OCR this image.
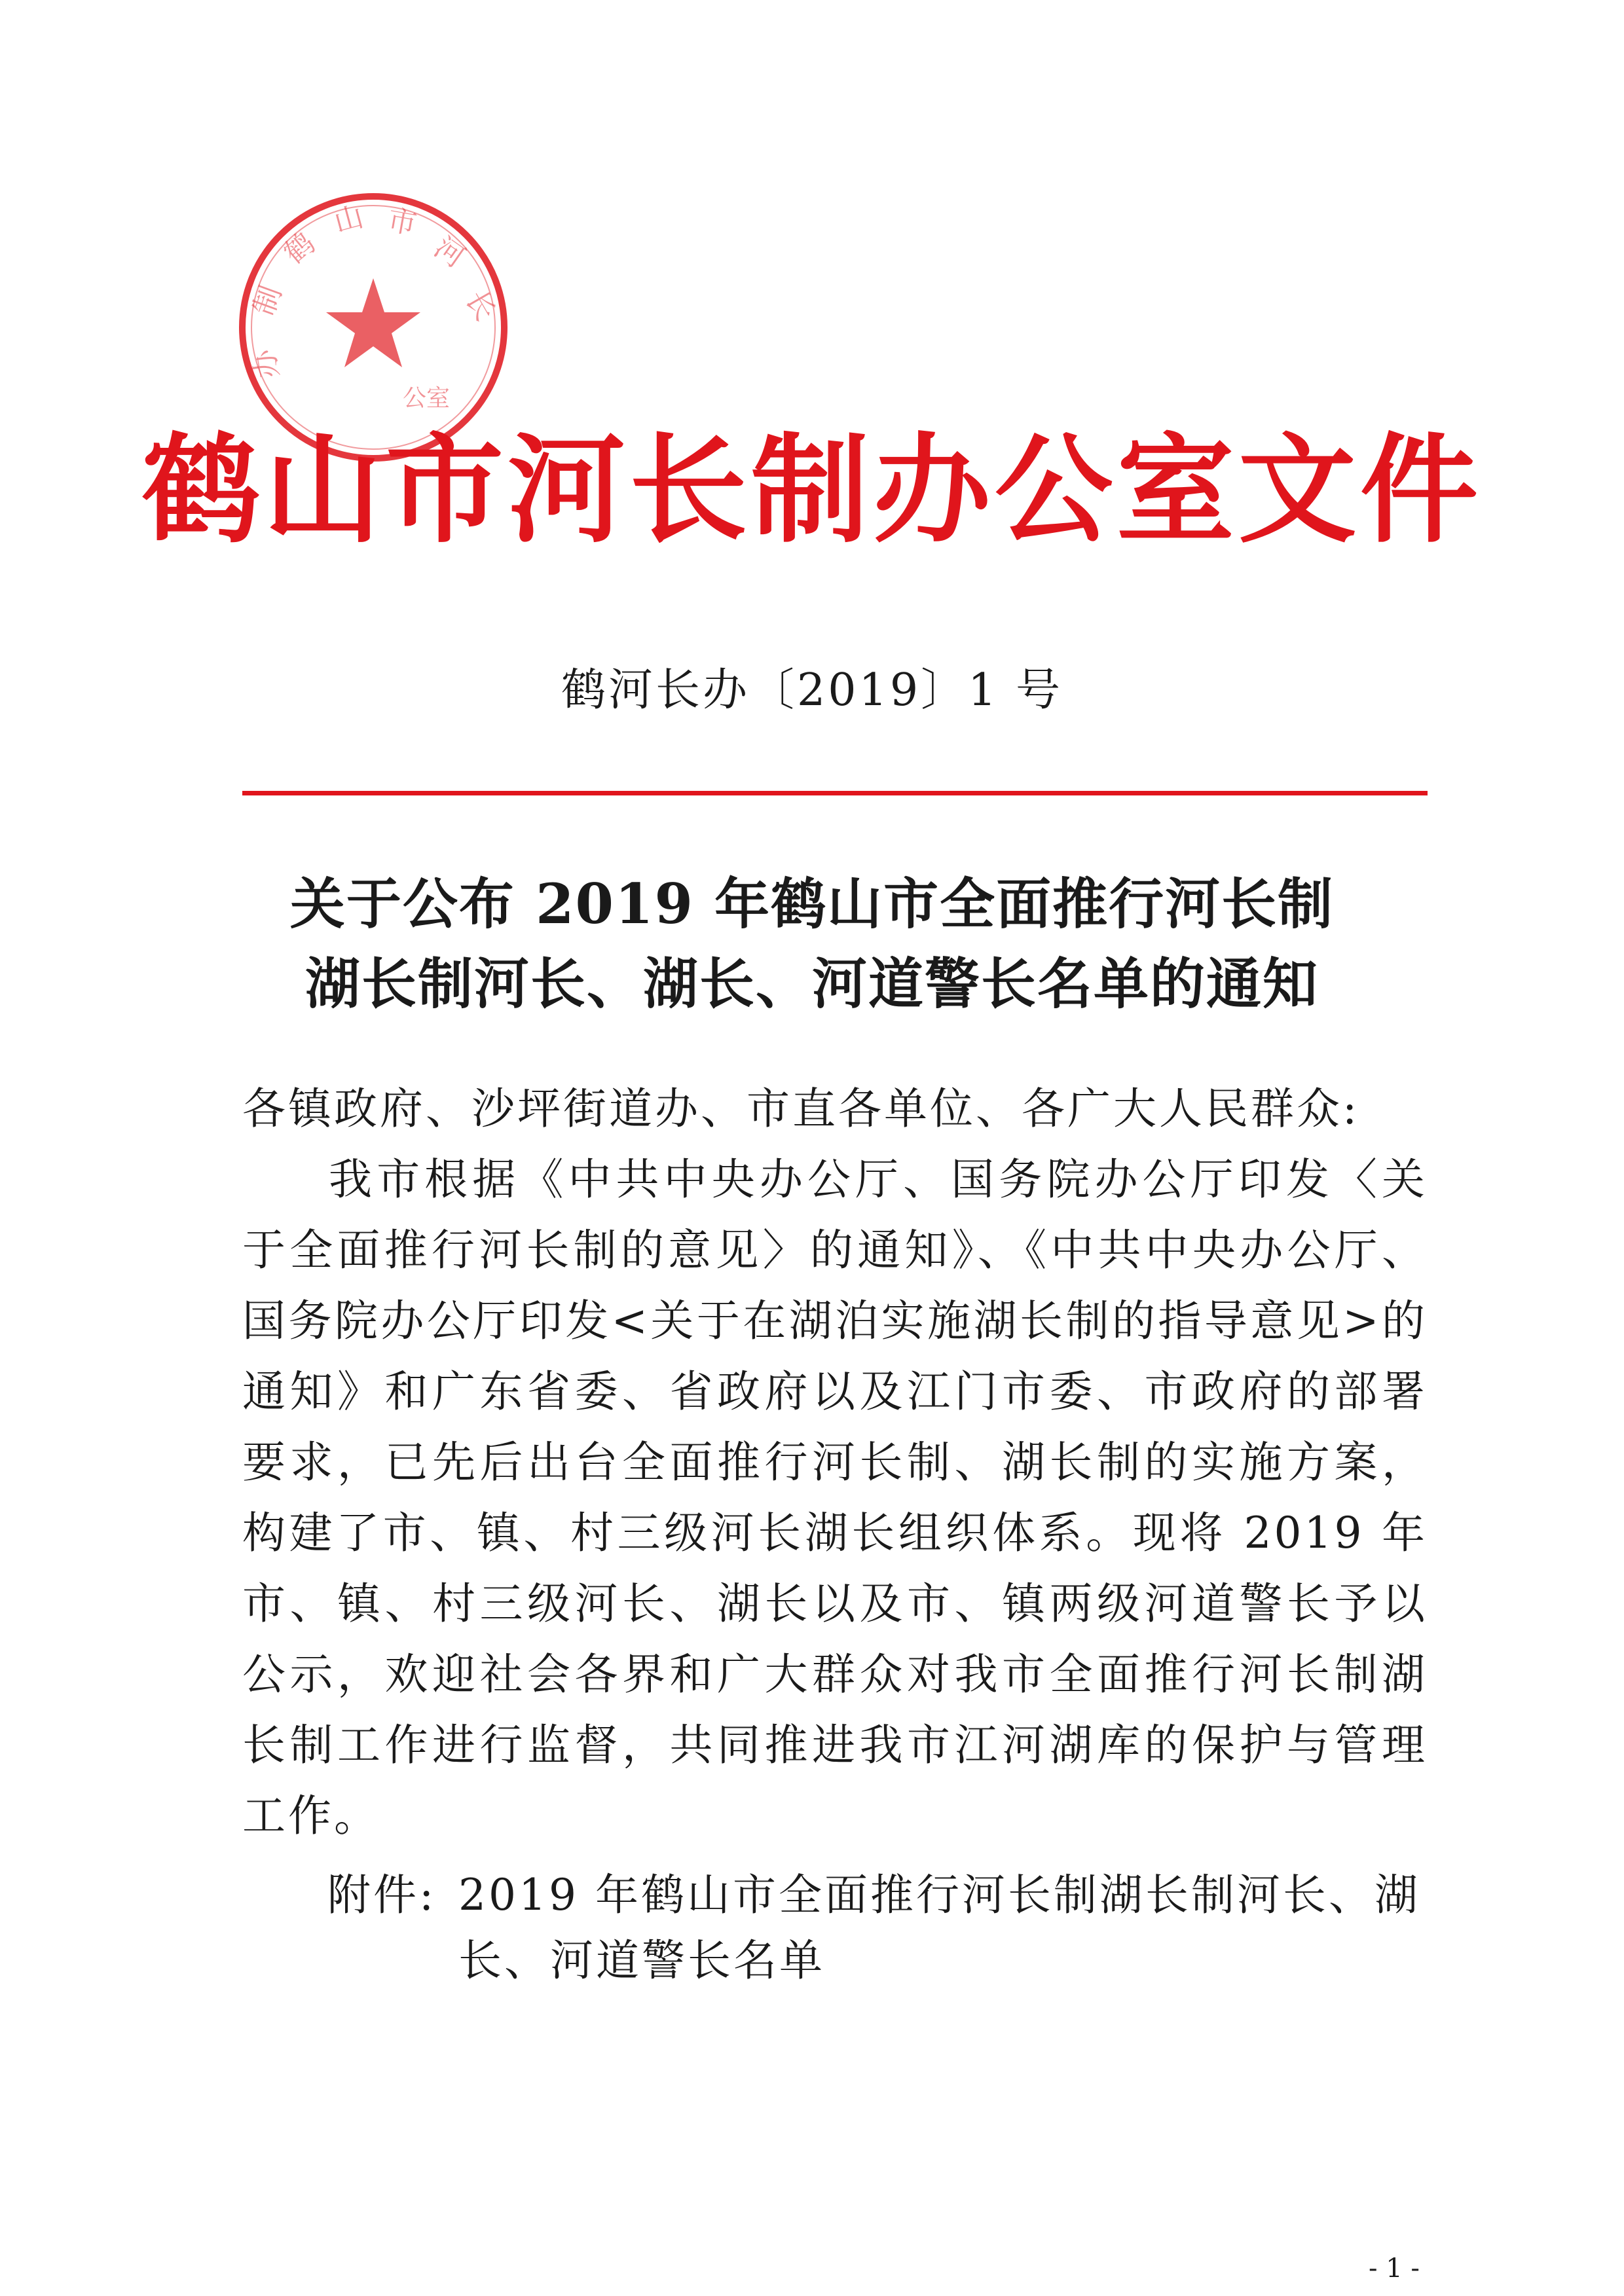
鹤
山 市
河
长
制
办
公室
鹤山市河长制办公室文件
鹤河长办〔2019〕1 号
关于公布 2019 年鹤山市全面推行河长制
湖长制河长、湖长、河道警长名单的通知
各镇政府、沙坪街道办、市直各单位、各广大人民群众:
我市根据《中共中央办公厅、国务院办公厅印发〈关于全面推行河长制的意见〉的通知》、《中共中央办公厅、国务院办公厅印发<关于在湖泊实施湖长制的指导意见>的通知》和广东省委、省政府以及江门市委、市政府的部署要求，已先后出台全面推行河长制、湖长制的实施方案，构建了市、镇、村三级河长湖长组织体系。现将 2019 年市、镇、村三级河长、湖长以及市、镇两级河道警长予以公示，欢迎社会各界和广大群众对我市全面推行河长制湖长制工作进行监督，共同推进我市江河湖库的保护与管理工作。
附件: 2019 年鹤山市全面推行河长制湖长制河长、湖长、河道警长名单
- 1 -
